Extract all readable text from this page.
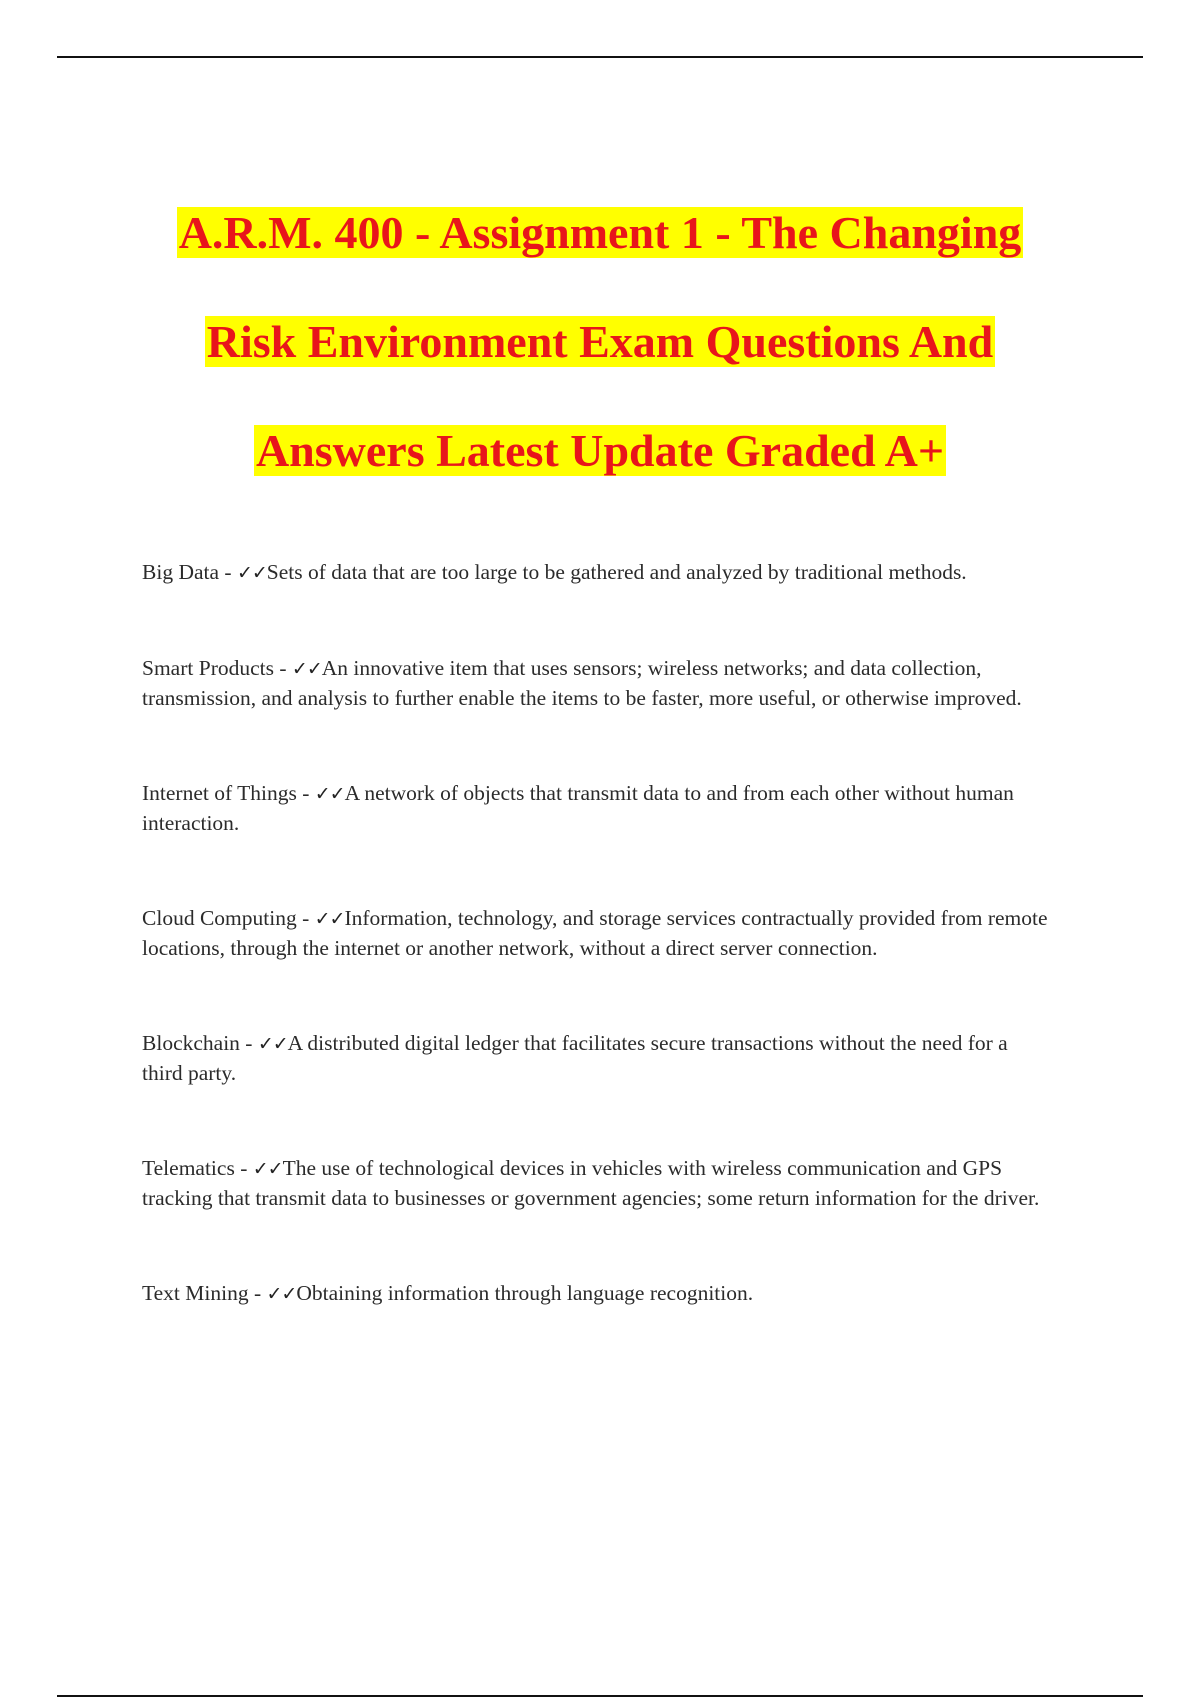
A.R.M. 400 - Assignment 1 - The Changing
Risk Environment Exam Questions And
Answers Latest Update Graded A+

Big Data - ✓✓Sets of data that are too large to be gathered and analyzed by traditional methods.

Smart Products - ✓✓An innovative item that uses sensors; wireless networks; and data collection, transmission, and analysis to further enable the items to be faster, more useful, or otherwise improved.

Internet of Things - ✓✓A network of objects that transmit data to and from each other without human interaction.

Cloud Computing - ✓✓Information, technology, and storage services contractually provided from remote locations, through the internet or another network, without a direct server connection.

Blockchain - ✓✓A distributed digital ledger that facilitates secure transactions without the need for a third party.

Telematics - ✓✓The use of technological devices in vehicles with wireless communication and GPS tracking that transmit data to businesses or government agencies; some return information for the driver.

Text Mining - ✓✓Obtaining information through language recognition.
